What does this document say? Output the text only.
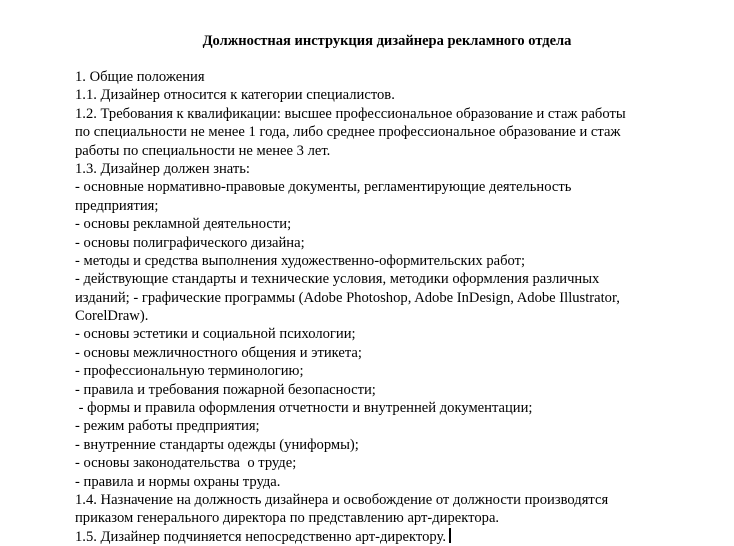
Должностная инструкция дизайнера рекламного отдела
1. Общие положения
1.1. Дизайнер относится к категории специалистов.
1.2. Требования к квалификации: высшее профессиональное образование и стаж работы
по специальности не менее 1 года, либо среднее профессиональное образование и стаж
работы по специальности не менее 3 лет.
1.3. Дизайнер должен знать:
- основные нормативно-правовые документы, регламентирующие деятельность
предприятия;
- основы рекламной деятельности;
- основы полиграфического дизайна;
- методы и средства выполнения художественно-оформительских работ;
- действующие стандарты и технические условия, методики оформления различных
изданий; - графические программы (Adobe Photoshop, Adobe InDesign, Adobe Illustrator,
CorelDraw).
- основы эстетики и социальной психологии;
- основы межличностного общения и этикета;
- профессиональную терминологию;
- правила и требования пожарной безопасности;
- формы и правила оформления отчетности и внутренней документации;
- режим работы предприятия;
- внутренние стандарты одежды (униформы);
- основы законодательства  о труде;
- правила и нормы охраны труда.
1.4. Назначение на должность дизайнера и освобождение от должности производятся
приказом генерального директора по представлению арт-директора.
1.5. Дизайнер подчиняется непосредственно арт-директору.
